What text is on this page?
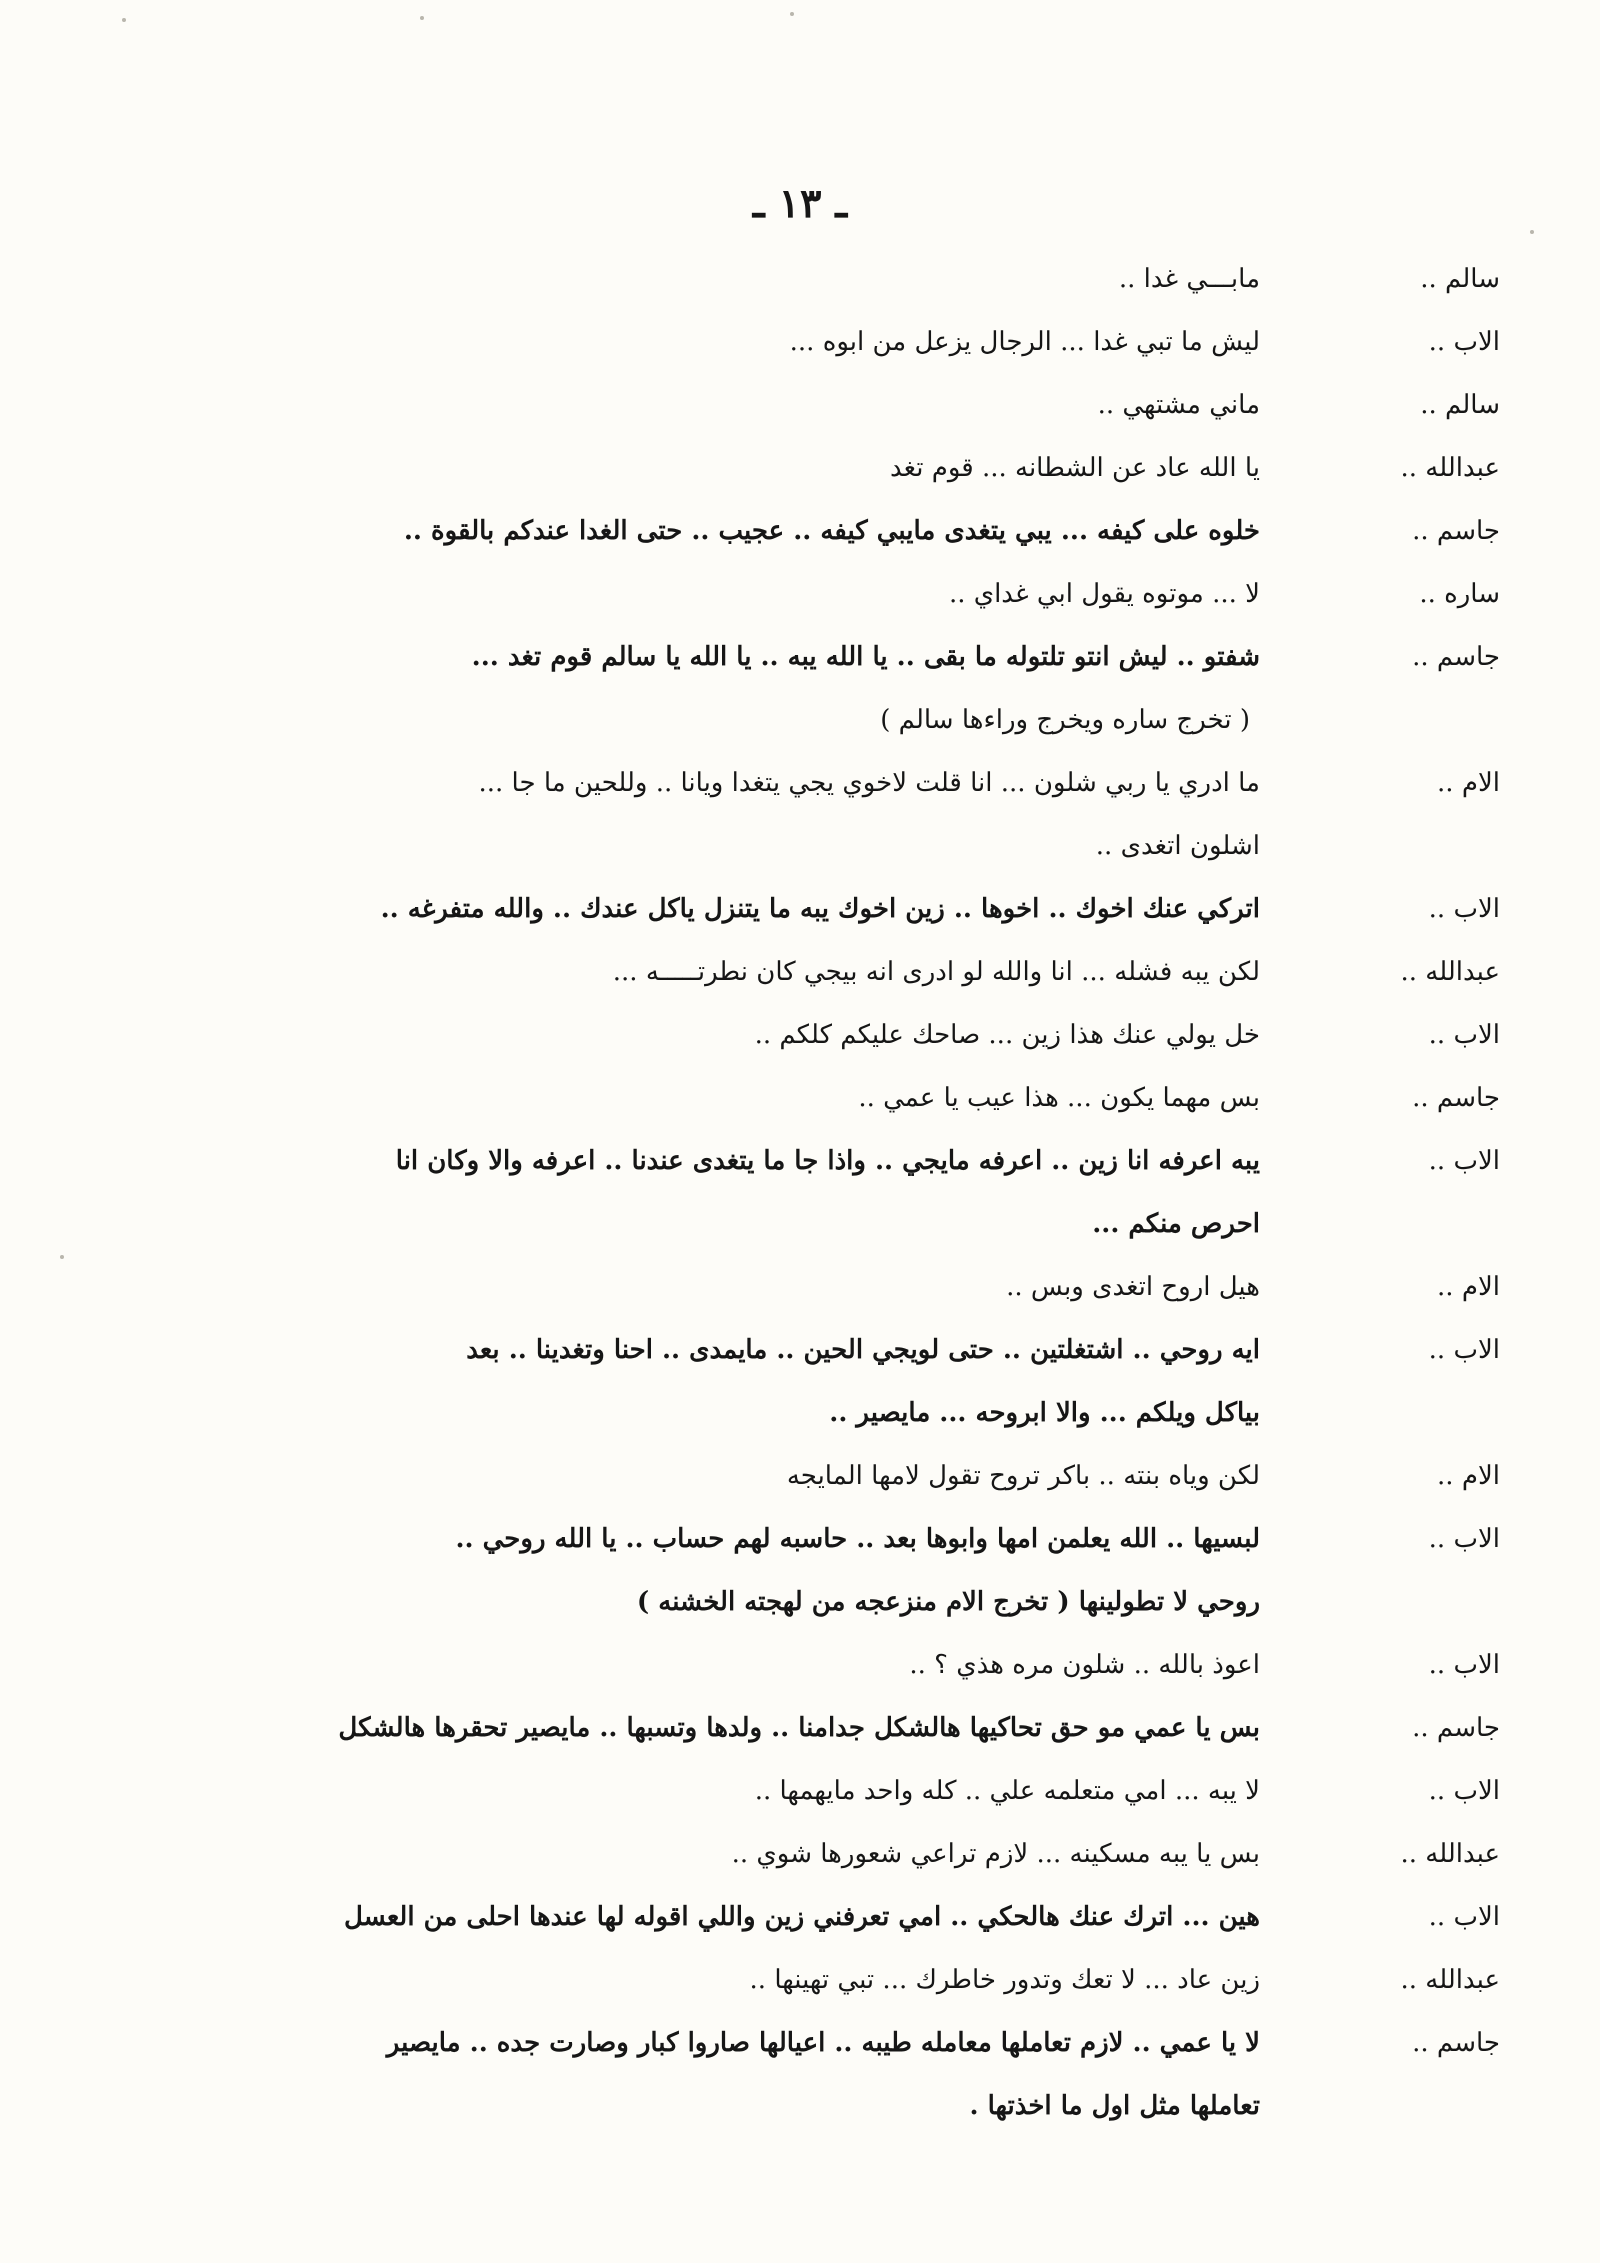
ـ ١٣ ـ
سالم ..
مابـــي غدا ..
الاب ..
ليش ما تبي غدا ... الرجال يزعل من ابوه ...
سالم ..
ماني مشتهي ..
عبدالله ..
يا الله عاد عن الشطانه ... قوم تغد
جاسم ..
خلوه على كيفه ... يبي يتغدى مايبي كيفه .. عجيب .. حتى الغدا عندكم بالقوة ..
ساره ..
لا ... موتوه يقول ابي غداي ..
جاسم ..
شفتو .. ليش انتو تلتوله ما بقى .. يا الله يبه .. يا الله يا سالم قوم تغد ...
( تخرج ساره ويخرج وراءها سالم )
الام ..
ما ادري يا ربي شلون ... انا قلت لاخوي يجي يتغدا ويانا .. وللحين ما جا ...
اشلون اتغدى ..
الاب ..
اتركي عنك اخوك .. اخوها .. زين اخوك يبه ما يتنزل ياكل عندك .. والله متفرغه ..
عبدالله ..
لكن يبه فشله ... انا والله لو ادرى انه بيجي كان نطرتـــــه ...
الاب ..
خل يولي عنك هذا زين ... صاحك عليكم كلكم ..
جاسم ..
بس مهما يكون ... هذا عيب يا عمي ..
الاب ..
يبه اعرفه انا زين .. اعرفه مايجي .. واذا جا ما يتغدى عندنا .. اعرفه والا وكان انا
احرص منكم ...
الام ..
هيل اروح اتغدى وبس ..
الاب ..
ايه روحي .. اشتغلتين .. حتى لويجي الحين .. مايمدى .. احنا وتغدينا .. بعد
بياكل ويلكم ... والا ابروحه ... مايصير ..
الام ..
لكن وياه بنته .. باكر تروح تقول لامها المايجه
الاب ..
لبسيها .. الله يعلمن امها وابوها بعد .. حاسبه لهم حساب .. يا الله روحي ..
روحي لا تطولينها ( تخرج الام منزعجه من لهجته الخشنه )
الاب ..
اعوذ بالله .. شلون مره هذي ؟ ..
جاسم ..
بس يا عمي مو حق تحاكيها هالشكل جدامنا .. ولدها وتسبها .. مايصير تحقرها هالشكل
الاب ..
لا يبه ... امي متعلمه علي .. كله واحد مايهمها ..
عبدالله ..
بس يا يبه مسكينه ... لازم تراعي شعورها شوي ..
الاب ..
هين ... اترك عنك هالحكي .. امي تعرفني زين واللي اقوله لها عندها احلى من العسل
عبدالله ..
زين عاد ... لا تعك وتدور خاطرك ... تبي تهينها ..
جاسم ..
لا يا عمي .. لازم تعاملها معامله طيبه .. اعيالها صاروا كبار وصارت جده .. مايصير
تعاملها مثل اول ما اخذتها .
